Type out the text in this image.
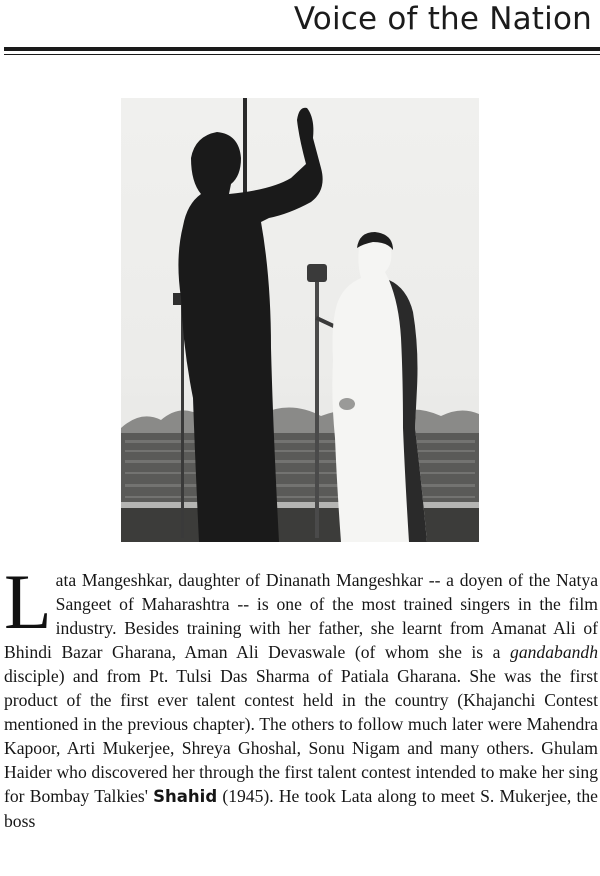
Voice of the Nation

Lata Mangeshkar, daughter of Dinanath Mangeshkar -- a doyen of the Natya Sangeet of Maharashtra -- is one of the most trained singers in the film industry. Besides training with her father, she learnt from Amanat Ali of Bhindi Bazar Gharana, Aman Ali Devaswale (of whom she is a gandabandh disciple) and from Pt. Tulsi Das Sharma of Patiala Gharana. She was the first product of the first ever talent contest held in the country (Khajanchi Contest mentioned in the previous chapter). The others to follow much later were Mahendra Kapoor, Arti Mukerjee, Shreya Ghoshal, Sonu Nigam and many others. Ghulam Haider who discovered her through the first talent contest intended to make her sing for Bombay Talkies' Shahid (1945). He took Lata along to meet S. Mukerjee, the boss
